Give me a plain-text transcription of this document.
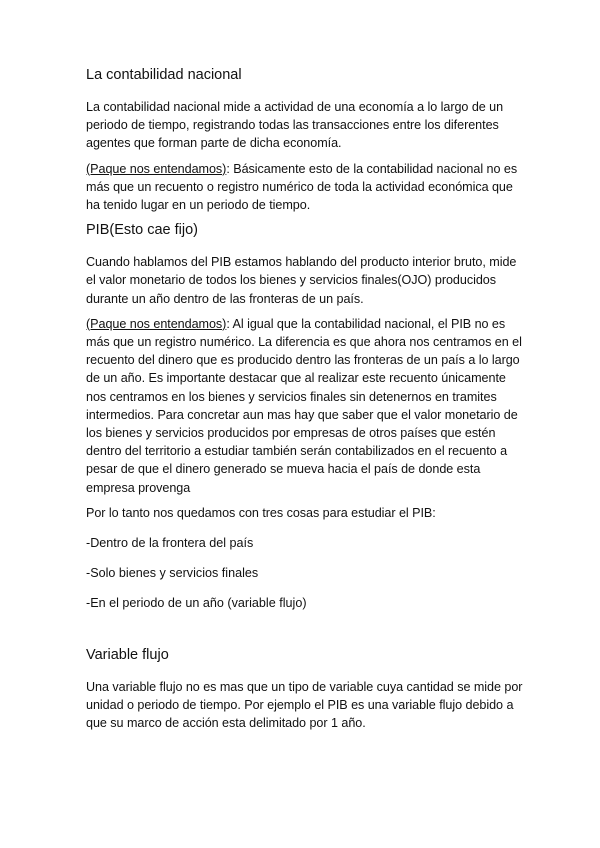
La contabilidad nacional

La contabilidad nacional mide a actividad de una economía a lo largo de un periodo de tiempo, registrando todas las transacciones entre los diferentes agentes que forman parte de dicha economía.

(Paque nos entendamos): Básicamente esto de la contabilidad nacional no es más que un recuento o registro numérico de toda la actividad económica que ha tenido lugar en un periodo de tiempo.

PIB(Esto cae fijo)

Cuando hablamos del PIB estamos hablando del producto interior bruto, mide el valor monetario de todos los bienes y servicios finales(OJO) producidos durante un año dentro de las fronteras de un país.

(Paque nos entendamos): Al igual que la contabilidad nacional, el PIB no es más que un registro numérico. La diferencia es que ahora nos centramos en el recuento del dinero que es producido dentro las fronteras de un país a lo largo de un año. Es importante destacar que al realizar este recuento únicamente nos centramos en los bienes y servicios finales sin detenernos en tramites intermedios. Para concretar aun mas hay que saber que el valor monetario de los bienes y servicios producidos por empresas de otros países que estén dentro del territorio a estudiar también serán contabilizados en el recuento a pesar de que el dinero generado se mueva hacia el país de donde esta empresa provenga

Por lo tanto nos quedamos con tres cosas para estudiar el PIB:

-Dentro de la frontera del país
-Solo bienes y servicios finales
-En el periodo de un año (variable flujo)
Variable flujo

Una variable flujo no es mas que un tipo de variable cuya cantidad se mide por unidad o periodo de tiempo. Por ejemplo el PIB es una variable flujo debido a que su marco de acción esta delimitado por 1 año.
